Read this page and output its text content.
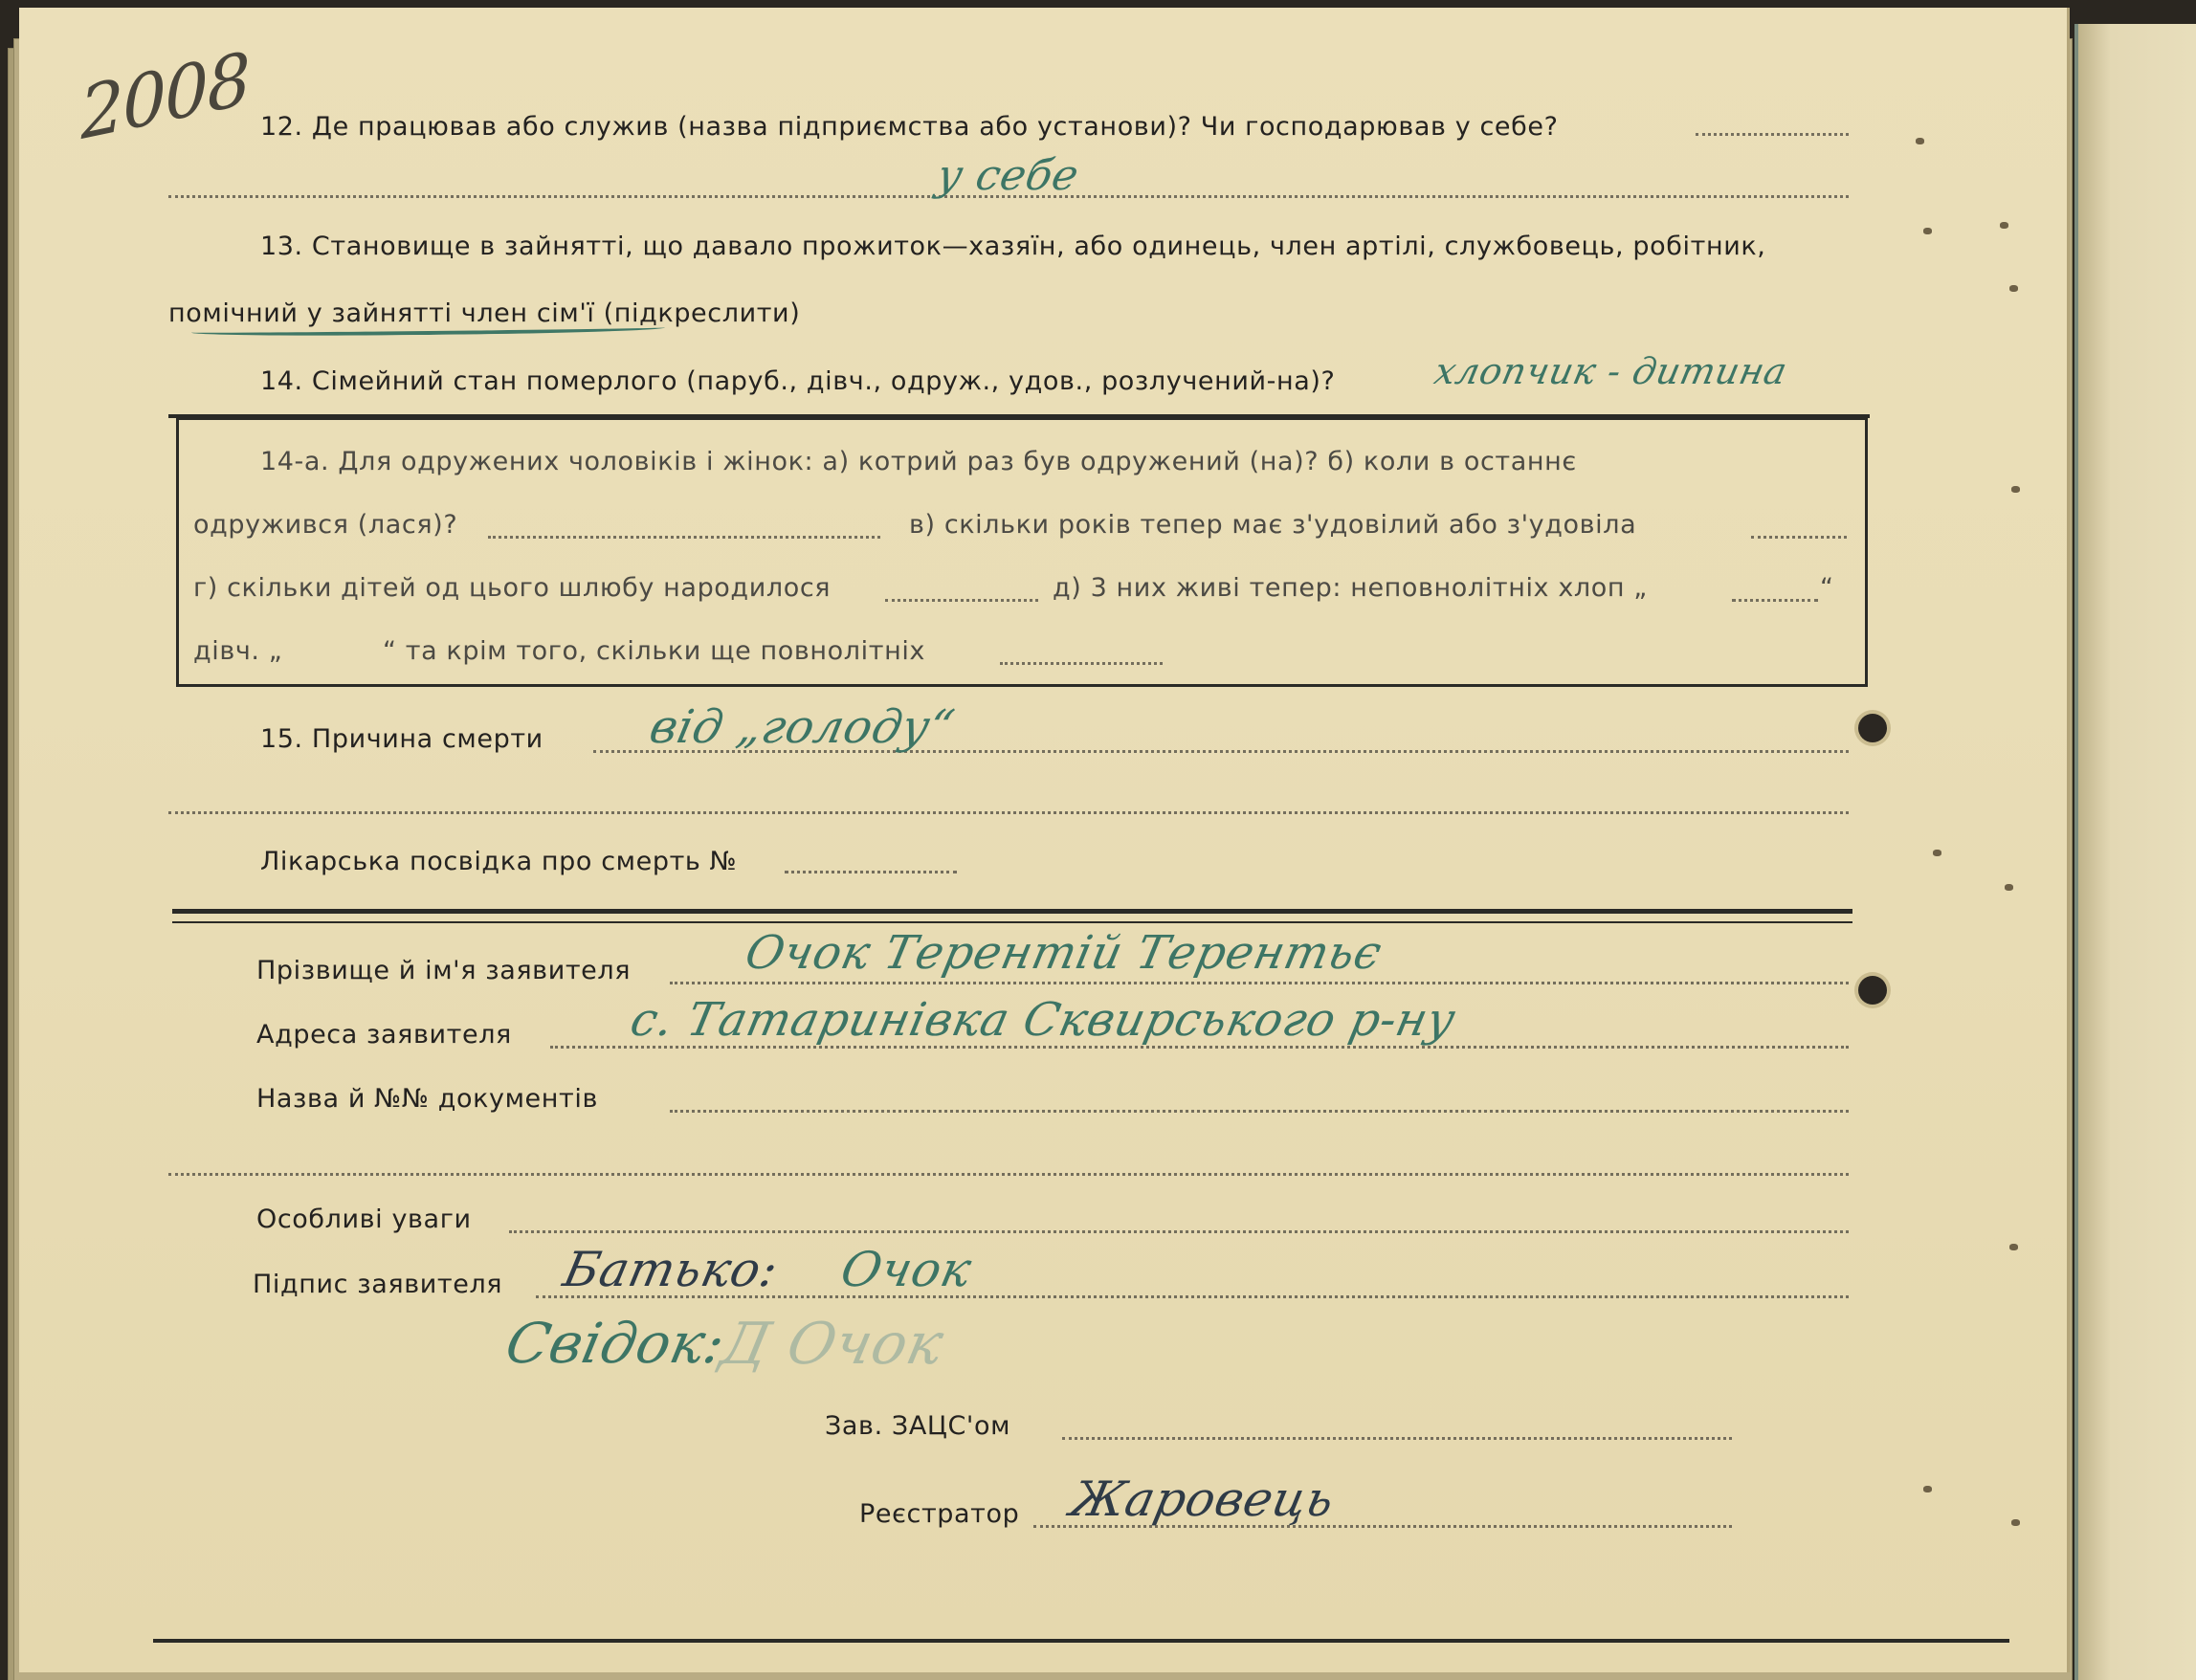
2008 12. Де працював або служив (назва підприємства або установи)? Чи господарював у себе?
у себе
13. Становище в зайнятті, що давало прожиток—хазяїн, або одинець, член артілі, службовець, робітник,
помічний у зайнятті член сім'ї (підкреслити)
14. Сімейний стан померлого (паруб., дівч., одруж., удов., розлучений-на)?	хлопчик - дитина
14-а. Для одружених чоловіків і жінок: а) котрий раз був одружений (на)? б) коли в останнє
одружився (лася)?	в) скільки років тепер має з'удовілий або з'удовіла
г) скільки дітей од цього шлюбу народилося	д) 3 них живі тепер: неповнолітніх хлоп „	“
дівч. „	“ та крім того, скільки ще повнолітніх
15. Причина смерти від „голоду“
Лікарська посвідка про смерть №
Прізвище й ім'я заявителя Очок Терентій Терентьє
Адреса заявителя с. Татаринівка Сквирського р-ну
Назва й №№ документів
Особливі уваги
Підпис заявителя Батько: Очок
Свідок:
Д Очок
Зав. ЗАЦС'ом
Реєстратор Жаровець
